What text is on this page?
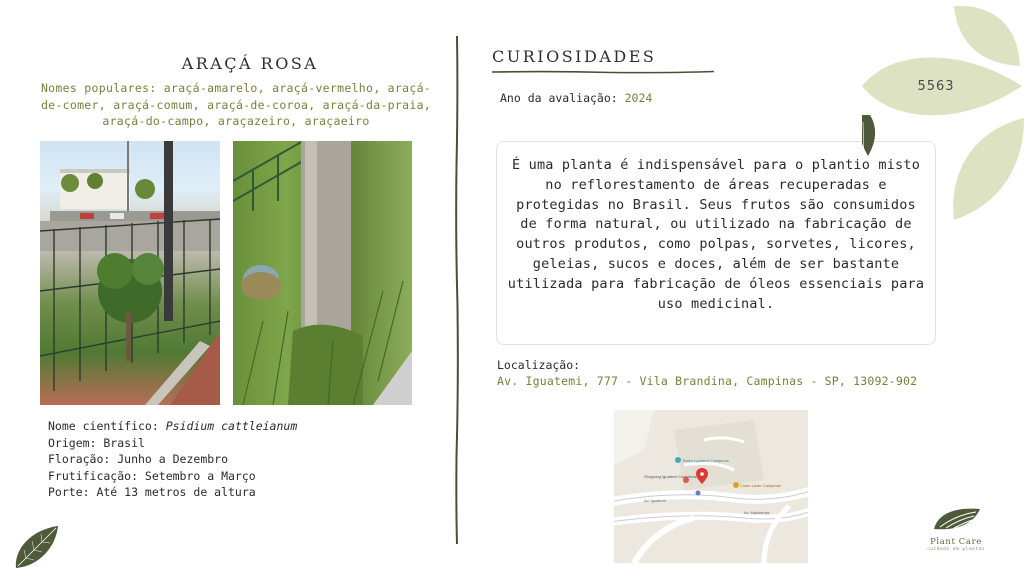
ARAÇÁ ROSA
Nomes populares: araçá-amarelo, araçá-vermelho, araçá-de-comer, araçá-comum, araçá-de-coroa, araçá-da-praia, araçá-do-campo, araçazeiro, araçaeiro
Nome científico: Psidium cattleianum
Origem: Brasil
Floração: Junho a Dezembro
Frutificação: Setembro a Março
Porte: Até 13 metros de altura
CURIOSIDADES
Ano da avaliação: 2024
É uma planta é indispensável para o plantio misto no reflorestamento de áreas recuperadas e protegidas no Brasil. Seus frutos são consumidos de forma natural, ou utilizado na fabricação de outros produtos, como polpas, sorvetes, licores, geleias, sucos e doces, além de ser bastante utilizada para fabricação de óleos essenciais para uso medicinal.
Localização:
Av. Iguatemi, 777 - Vila Brandina, Campinas - SP, 13092-902
Teatro Iguatemi Campinas
Shopping Iguatemi Campinas
Clube Lazer Campinas
Av. Iguatemi
Av. Mackenzie
5563
Plant Care
cuidado em plantas
